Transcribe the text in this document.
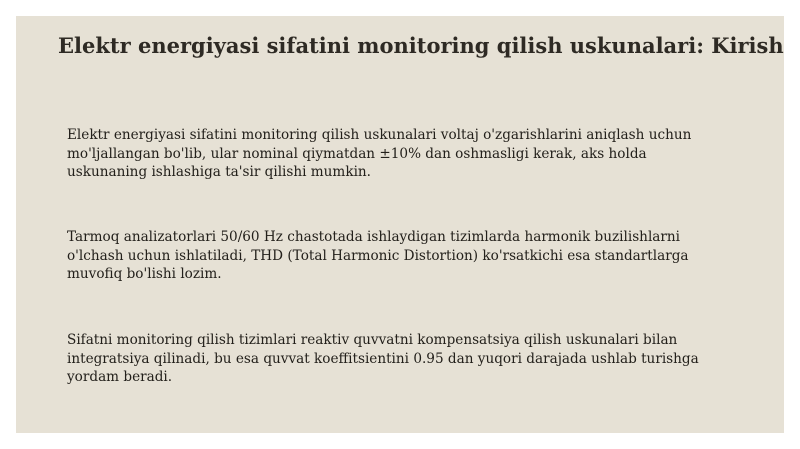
Elektr energiyasi sifatini monitoring qilish uskunalari: Kirish

Elektr energiyasi sifatini monitoring qilish uskunalari voltaj o'zgarishlarini aniqlash uchun mo'ljallangan bo'lib, ular nominal qiymatdan ±10% dan oshmasligi kerak, aks holda uskunaning ishlashiga ta'sir qilishi mumkin.

Tarmoq analizatorlari 50/60 Hz chastotada ishlaydigan tizimlarda harmonik buzilishlarni o'lchash uchun ishlatiladi, THD (Total Harmonic Distortion) ko'rsatkichi esa standartlarga muvofiq bo'lishi lozim.

Sifatni monitoring qilish tizimlari reaktiv quvvatni kompensatsiya qilish uskunalari bilan integratsiya qilinadi, bu esa quvvat koeffitsientini 0.95 dan yuqori darajada ushlab turishga yordam beradi.
